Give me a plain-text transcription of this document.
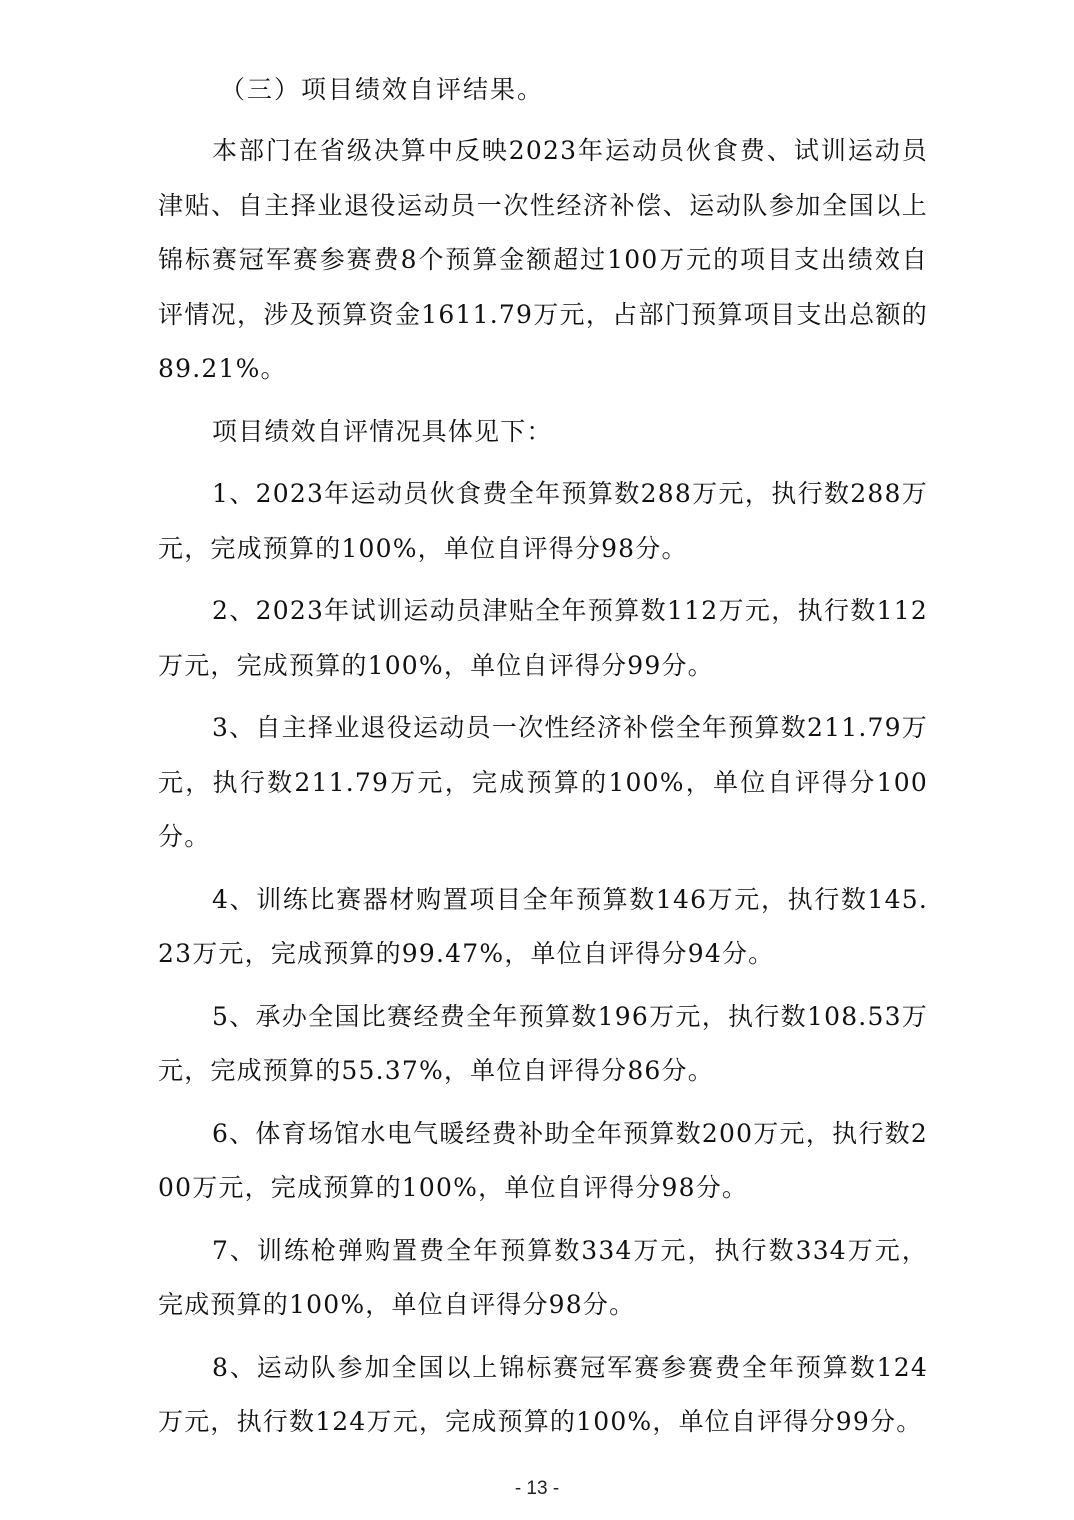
（三）项目绩效自评结果。

本部门在省级决算中反映2023年运动员伙食费、试训运动员津贴、自主择业退役运动员一次性经济补偿、运动队参加全国以上锦标赛冠军赛参赛费8个预算金额超过100万元的项目支出绩效自评情况，涉及预算资金1611.79万元，占部门预算项目支出总额的89.21%。

项目绩效自评情况具体见下：

1、2023年运动员伙食费全年预算数288万元，执行数288万元，完成预算的100%，单位自评得分98分。

2、2023年试训运动员津贴全年预算数112万元，执行数112万元，完成预算的100%，单位自评得分99分。

3、自主择业退役运动员一次性经济补偿全年预算数211.79万元，执行数211.79万元，完成预算的100%，单位自评得分100分。

4、训练比赛器材购置项目全年预算数146万元，执行数145.23万元，完成预算的99.47%，单位自评得分94分。

5、承办全国比赛经费全年预算数196万元，执行数108.53万元，完成预算的55.37%，单位自评得分86分。

6、体育场馆水电气暖经费补助全年预算数200万元，执行数200万元，完成预算的100%，单位自评得分98分。

7、训练枪弹购置费全年预算数334万元，执行数334万元，完成预算的100%，单位自评得分98分。

8、运动队参加全国以上锦标赛冠军赛参赛费全年预算数124万元，执行数124万元，完成预算的100%，单位自评得分99分。

- 13 -
